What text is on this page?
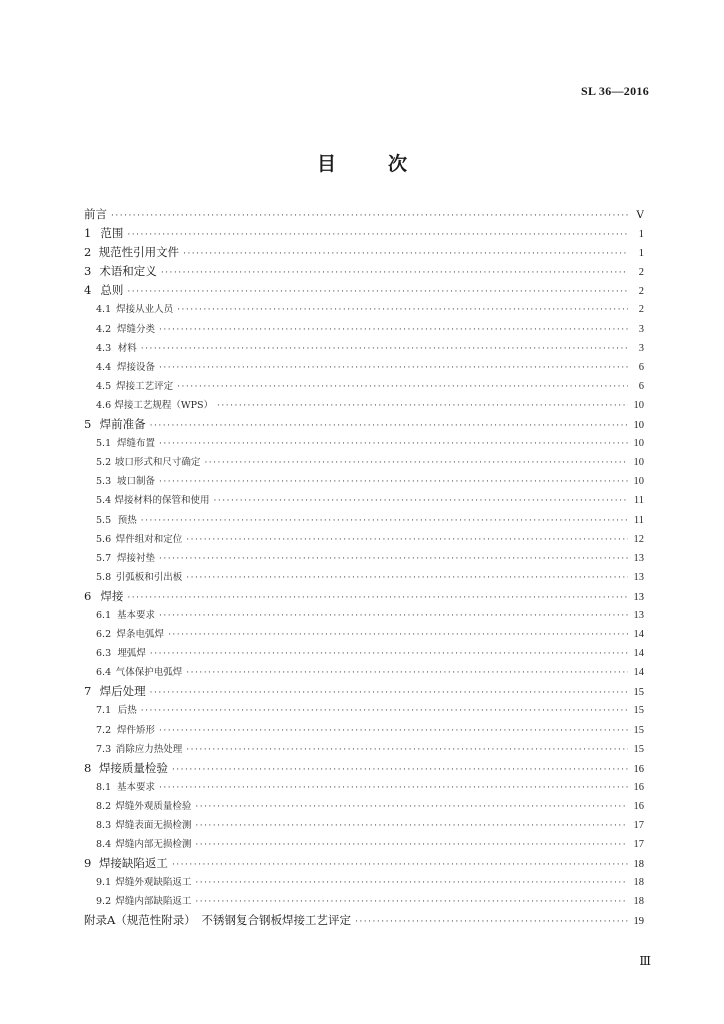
SL 36—2016
目	次
前言 ·····	Ⅴ
1 范围 ·····	1
2 规范性引用文件 ·····	1
3 术语和定义 ·····	2
4 总则 ·····	2
4.1 焊接从业人员 ·····	2
4.2 焊缝分类 ·····	3
4.3 材料 ·····	3
4.4 焊接设备 ·····	6
4.5 焊接工艺评定 ·····	6
4.6 焊接工艺规程（WPS） ·····	10
5 焊前准备 ·····	10
5.1 焊缝布置 ·····	10
5.2 坡口形式和尺寸确定 ·····	10
5.3 坡口制备 ·····	10
5.4 焊接材料的保管和使用 ·····	11
5.5 预热 ·····	11
5.6 焊件组对和定位 ·····	12
5.7 焊接衬垫 ·····	13
5.8 引弧板和引出板 ·····	13
6 焊接 ·····	13
6.1 基本要求 ·····	13
6.2 焊条电弧焊 ·····	14
6.3 埋弧焊 ·····	14
6.4 气体保护电弧焊 ·····	14
7 焊后处理 ·····	15
7.1 后热 ·····	15
7.2 焊件矫形 ·····	15
7.3 消除应力热处理 ·····	15
8 焊接质量检验 ·····	16
8.1 基本要求 ·····	16
8.2 焊缝外观质量检验 ·····	16
8.3 焊缝表面无损检测 ·····	17
8.4 焊缝内部无损检测 ·····	17
9 焊接缺陷返工 ·····	18
9.1 焊缝外观缺陷返工 ·····	18
9.2 焊缝内部缺陷返工 ·····	18
附录A（规范性附录）　不锈钢复合钢板焊接工艺评定 ·····	19
Ⅲ
